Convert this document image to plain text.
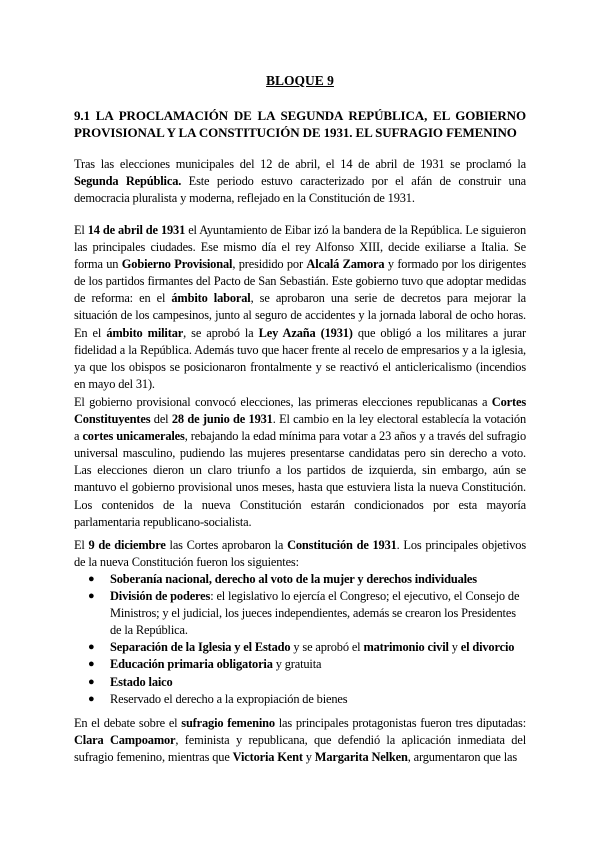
BLOQUE 9
9.1 LA PROCLAMACIÓN DE LA SEGUNDA REPÚBLICA, EL GOBIERNO PROVISIONAL Y LA CONSTITUCIÓN DE 1931. EL SUFRAGIO FEMENINO

Tras las elecciones municipales del 12 de abril, el 14 de abril de 1931 se proclamó la Segunda República. Este periodo estuvo caracterizado por el afán de construir una democracia pluralista y moderna, reflejado en la Constitución de 1931.

El 14 de abril de 1931 el Ayuntamiento de Eibar izó la bandera de la República. Le siguieron las principales ciudades. Ese mismo día el rey Alfonso XIII, decide exiliarse a Italia. Se forma un Gobierno Provisional, presidido por Alcalá Zamora y formado por los dirigentes de los partidos firmantes del Pacto de San Sebastián. Este gobierno tuvo que adoptar medidas de reforma: en el ámbito laboral, se aprobaron una serie de decretos para mejorar la situación de los campesinos, junto al seguro de accidentes y la jornada laboral de ocho horas. En el ámbito militar, se aprobó la Ley Azaña (1931) que obligó a los militares a jurar fidelidad a la República. Además tuvo que hacer frente al recelo de empresarios y a la iglesia, ya que los obispos se posicionaron frontalmente y se reactivó el anticlericalismo (incendios en mayo del 31).

El gobierno provisional convocó elecciones, las primeras elecciones republicanas a Cortes Constituyentes del 28 de junio de 1931. El cambio en la ley electoral establecía la votación a cortes unicamerales, rebajando la edad mínima para votar a 23 años y a través del sufragio universal masculino, pudiendo las mujeres presentarse candidatas pero sin derecho a voto. Las elecciones dieron un claro triunfo a los partidos de izquierda, sin embargo, aún se mantuvo el gobierno provisional unos meses, hasta que estuviera lista la nueva Constitución. Los contenidos de la nueva Constitución estarán condicionados por esta mayoría parlamentaria republicano-socialista.

El 9 de diciembre las Cortes aprobaron la Constitución de 1931. Los principales objetivos de la nueva Constitución fueron los siguientes:

● Soberanía nacional, derecho al voto de la mujer y derechos individuales
● División de poderes: el legislativo lo ejercía el Congreso; el ejecutivo, el Consejo de Ministros; y el judicial, los jueces independientes, además se crearon los Presidentes de la República.
● Separación de la Iglesia y el Estado y se aprobó el matrimonio civil y el divorcio
● Educación primaria obligatoria y gratuita
● Estado laico
● Reservado el derecho a la expropiación de bienes

En el debate sobre el sufragio femenino las principales protagonistas fueron tres diputadas: Clara Campoamor, feminista y republicana, que defendió la aplicación inmediata del sufragio femenino, mientras que Victoria Kent y Margarita Nelken, argumentaron que las
